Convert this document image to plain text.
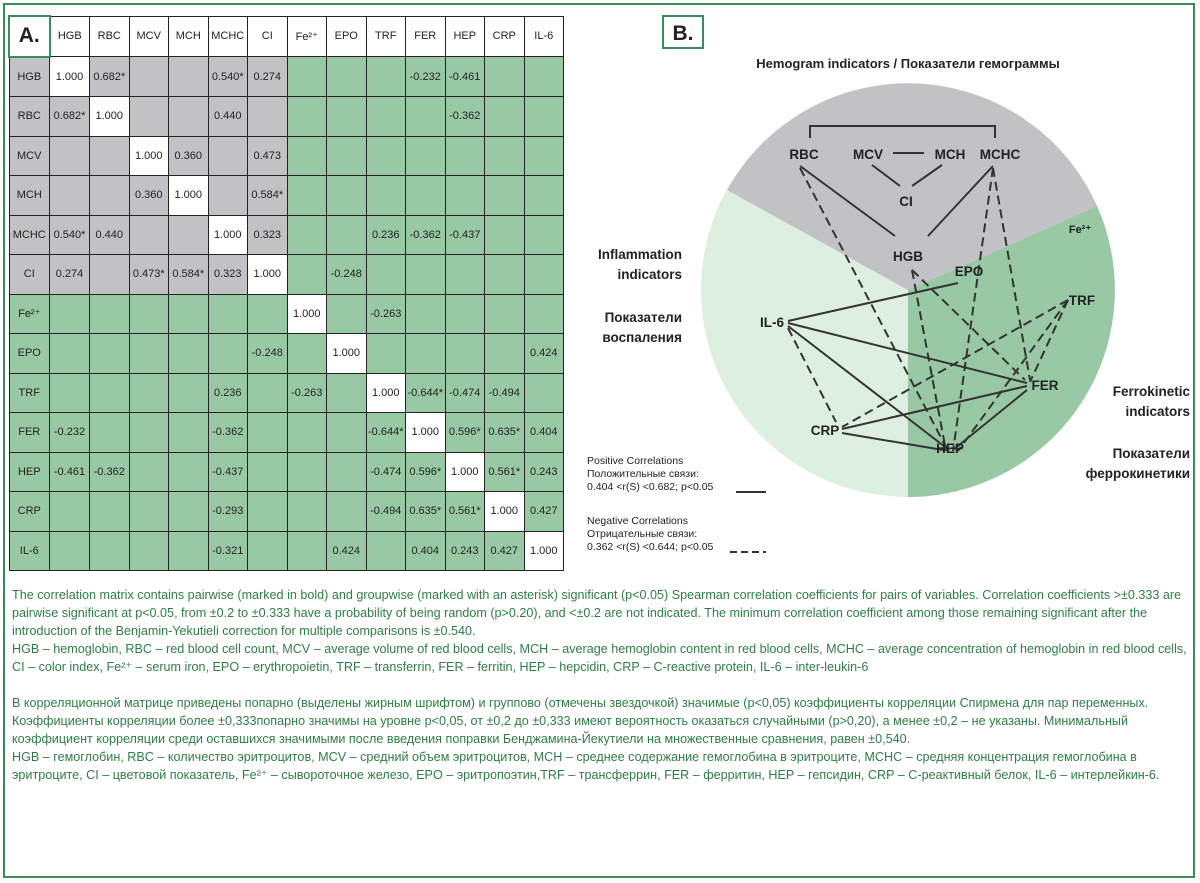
A.	HGB	RBC	MCV	MCH	MCHC	CI	Fe²⁺	EPO	TRF	FER	HEP	CRP	IL-6
HGB	1.000	0.682*			0.540*	0.274				-0.232	-0.461		
RBC	0.682*	1.000			0.440						-0.362		
MCV			1.000	0.360		0.473							
MCH			0.360	1.000		0.584*							
MCHC	0.540*	0.440			1.000	0.323			0.236	-0.362	-0.437		
CI	0.274		0.473*	0.584*	0.323	1.000		-0.248					
Fe²⁺							1.000		-0.263				
EPO						-0.248		1.000					0.424
TRF					0.236		-0.263		1.000	-0.644*	-0.474	-0.494	
FER	-0.232				-0.362				-0.644*	1.000	0.596*	0.635*	0.404
HEP	-0.461	-0.362			-0.437				-0.474	0.596*	1.000	0.561*	0.243
CRP					-0.293				-0.494	0.635*	0.561*	1.000	0.427
IL-6					-0.321			0.424		0.404	0.243	0.427	1.000
B.
Hemogram indicators / Показатели гемограммы
Inflammation
indicators
Показатели
воспаления
Ferrokinetic
indicators
Показатели
феррокинетики
RBC	MCV	MCH MCHC
CI
HGB
Fe²⁺
EPO
TRF
IL-6
FER
CRP
HEP
Positive Correlations
Положительные связи:
0.404 <r(S) <0.682; p<0.05
Negative Correlations
Отрицательные связи:
0.362 <r(S) <0.644; p<0.05

The correlation matrix contains pairwise (marked in bold) and groupwise (marked with an asterisk) significant (p˂0.05) Spearman correlation coefficients for pairs of variables. Correlation coefficients >±0.333 are pairwise significant at p<0.05, from ±0.2 to ±0.333 have a probability of being random (p>0.20), and <±0.2 are not indicated. The minimum correlation coefficient among those remaining significant after the introduction of the Benjamin-Yekutieli correction for multiple comparisons is ±0.540.

HGB – hemoglobin, RBC – red blood cell count, MCV – average volume of red blood cells, MCH – average hemoglobin content in red blood cells, MCHC – average concentration of hemoglobin in red blood cells, CI – color index, Fe²⁺ – serum iron, EPO – erythropoietin, TRF – transferrin, FER – ferritin, HEP – hepcidin, CRP – C-reactive protein, IL-6 – inter-leukin-6

В корреляционной матрице приведены попарно (выделены жирным шрифтом) и группово (отмечены звездочкой) значимые (p˂0,05) коэффициенты корреляции Спирмена для пар переменных. Коэффициенты корреляции более ±0,333попарно значимы на уровне p<0,05, от ±0,2 до ±0,333 имеют вероятность оказаться случайными (p>0,20), а менее ±0,2 – не указаны. Минимальный коэффициент корреляции среди оставшихся значимыми после введения поправки Бенджамина-Йекутиели на множественные сравнения, равен ±0,540.

HGB – гемоглобин, RBC – количество эритроцитов, MCV – средний объем эритроцитов, MCH – среднее содержание гемоглобина в эритроците, MCHC – средняя концентрация гемоглобина в эритроците, CI – цветовой показатель, Fe²⁺ – сывороточное железо, EPO – эритропоэтин,TRF – трансферрин, FER – ферритин, HEP – гепсидин, CRP – C-реактивный белок, IL-6 – интерлейкин-6.
